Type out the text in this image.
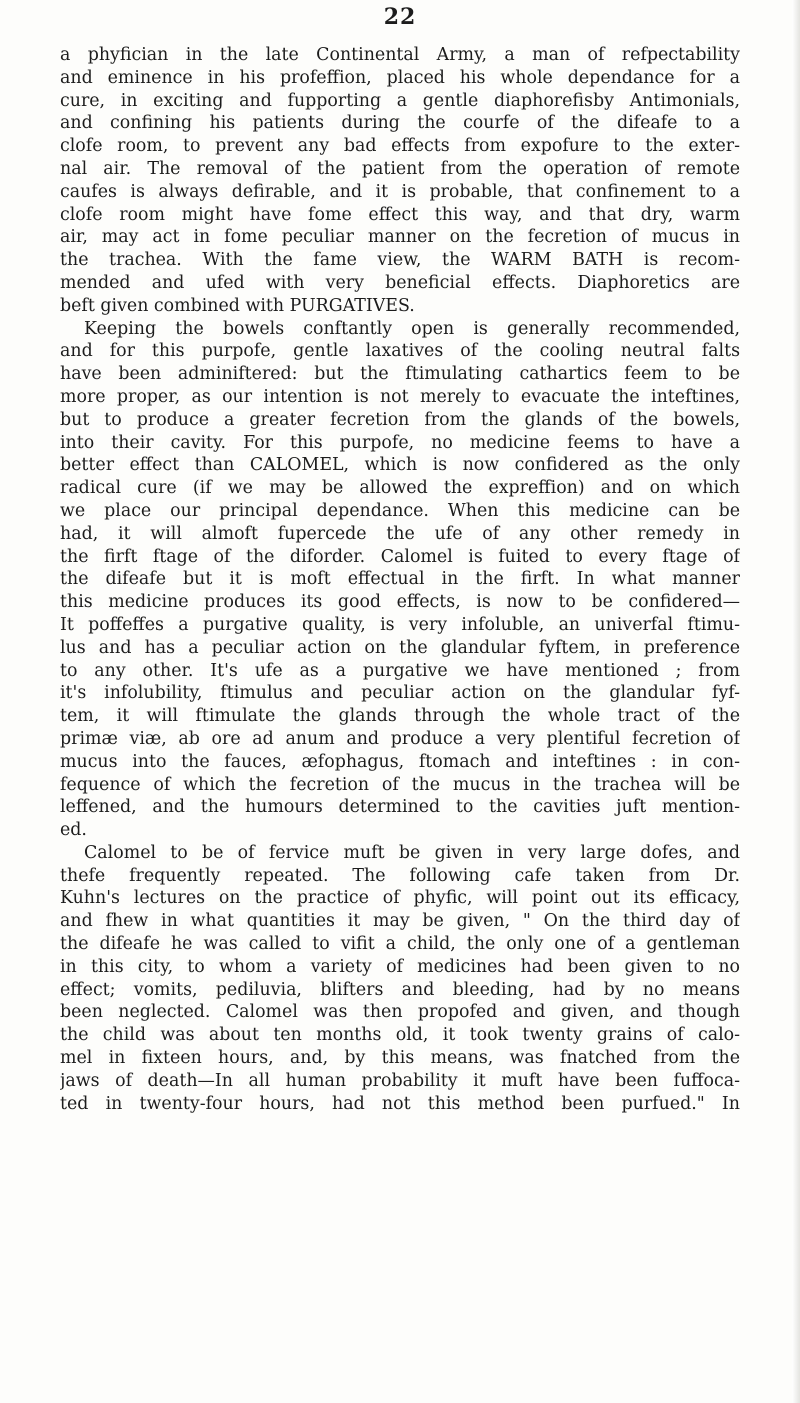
22
a phyfician in the late Continental Army, a man of refpectability
and eminence in his profeffion, placed his whole dependance for a
cure, in exciting and fupporting a gentle diaphorefisby Antimonials,
and confining his patients during the courfe of the difeafe to a
clofe room, to prevent any bad effects from expofure to the exter-
nal air. The removal of the patient from the operation of remote
caufes is always defirable, and it is probable, that confinement to a
clofe room might have fome effect this way, and that dry, warm
air, may act in fome peculiar manner on the fecretion of mucus in
the trachea. With the fame view, the WARM BATH is recom-
mended and ufed with very beneficial effects. Diaphoretics are
beft given combined with PURGATIVES.
Keeping the bowels conftantly open is generally recommended,
and for this purpofe, gentle laxatives of the cooling neutral falts
have been adminiftered: but the ftimulating cathartics feem to be
more proper, as our intention is not merely to evacuate the inteftines,
but to produce a greater fecretion from the glands of the bowels,
into their cavity. For this purpofe, no medicine feems to have a
better effect than CALOMEL, which is now confidered as the only
radical cure (if we may be allowed the expreffion) and on which
we place our principal dependance. When this medicine can be
had, it will almoft fupercede the ufe of any other remedy in
the firft ftage of the diforder. Calomel is fuited to every ftage of
the difeafe but it is moft effectual in the firft. In what manner
this medicine produces its good effects, is now to be confidered—
It poffeffes a purgative quality, is very infoluble, an univerfal ftimu-
lus and has a peculiar action on the glandular fyftem, in preference
to any other. It's ufe as a purgative we have mentioned ; from
it's infolubility, ftimulus and peculiar action on the glandular fyf-
tem, it will ftimulate the glands through the whole tract of the
primæ viæ, ab ore ad anum and produce a very plentiful fecretion of
mucus into the fauces, æfophagus, ftomach and inteftines : in con-
fequence of which the fecretion of the mucus in the trachea will be
leffened, and the humours determined to the cavities juft mention-
ed.
Calomel to be of fervice muft be given in very large dofes, and
thefe frequently repeated. The following cafe taken from Dr.
Kuhn's lectures on the practice of phyfic, will point out its efficacy,
and fhew in what quantities it may be given, " On the third day of
the difeafe he was called to vifit a child, the only one of a gentleman
in this city, to whom a variety of medicines had been given to no
effect; vomits, pediluvia, blifters and bleeding, had by no means
been neglected. Calomel was then propofed and given, and though
the child was about ten months old, it took twenty grains of calo-
mel in fixteen hours, and, by this means, was fnatched from the
jaws of death—In all human probability it muft have been fuffoca-
ted in twenty-four hours, had not this method been purfued." In
